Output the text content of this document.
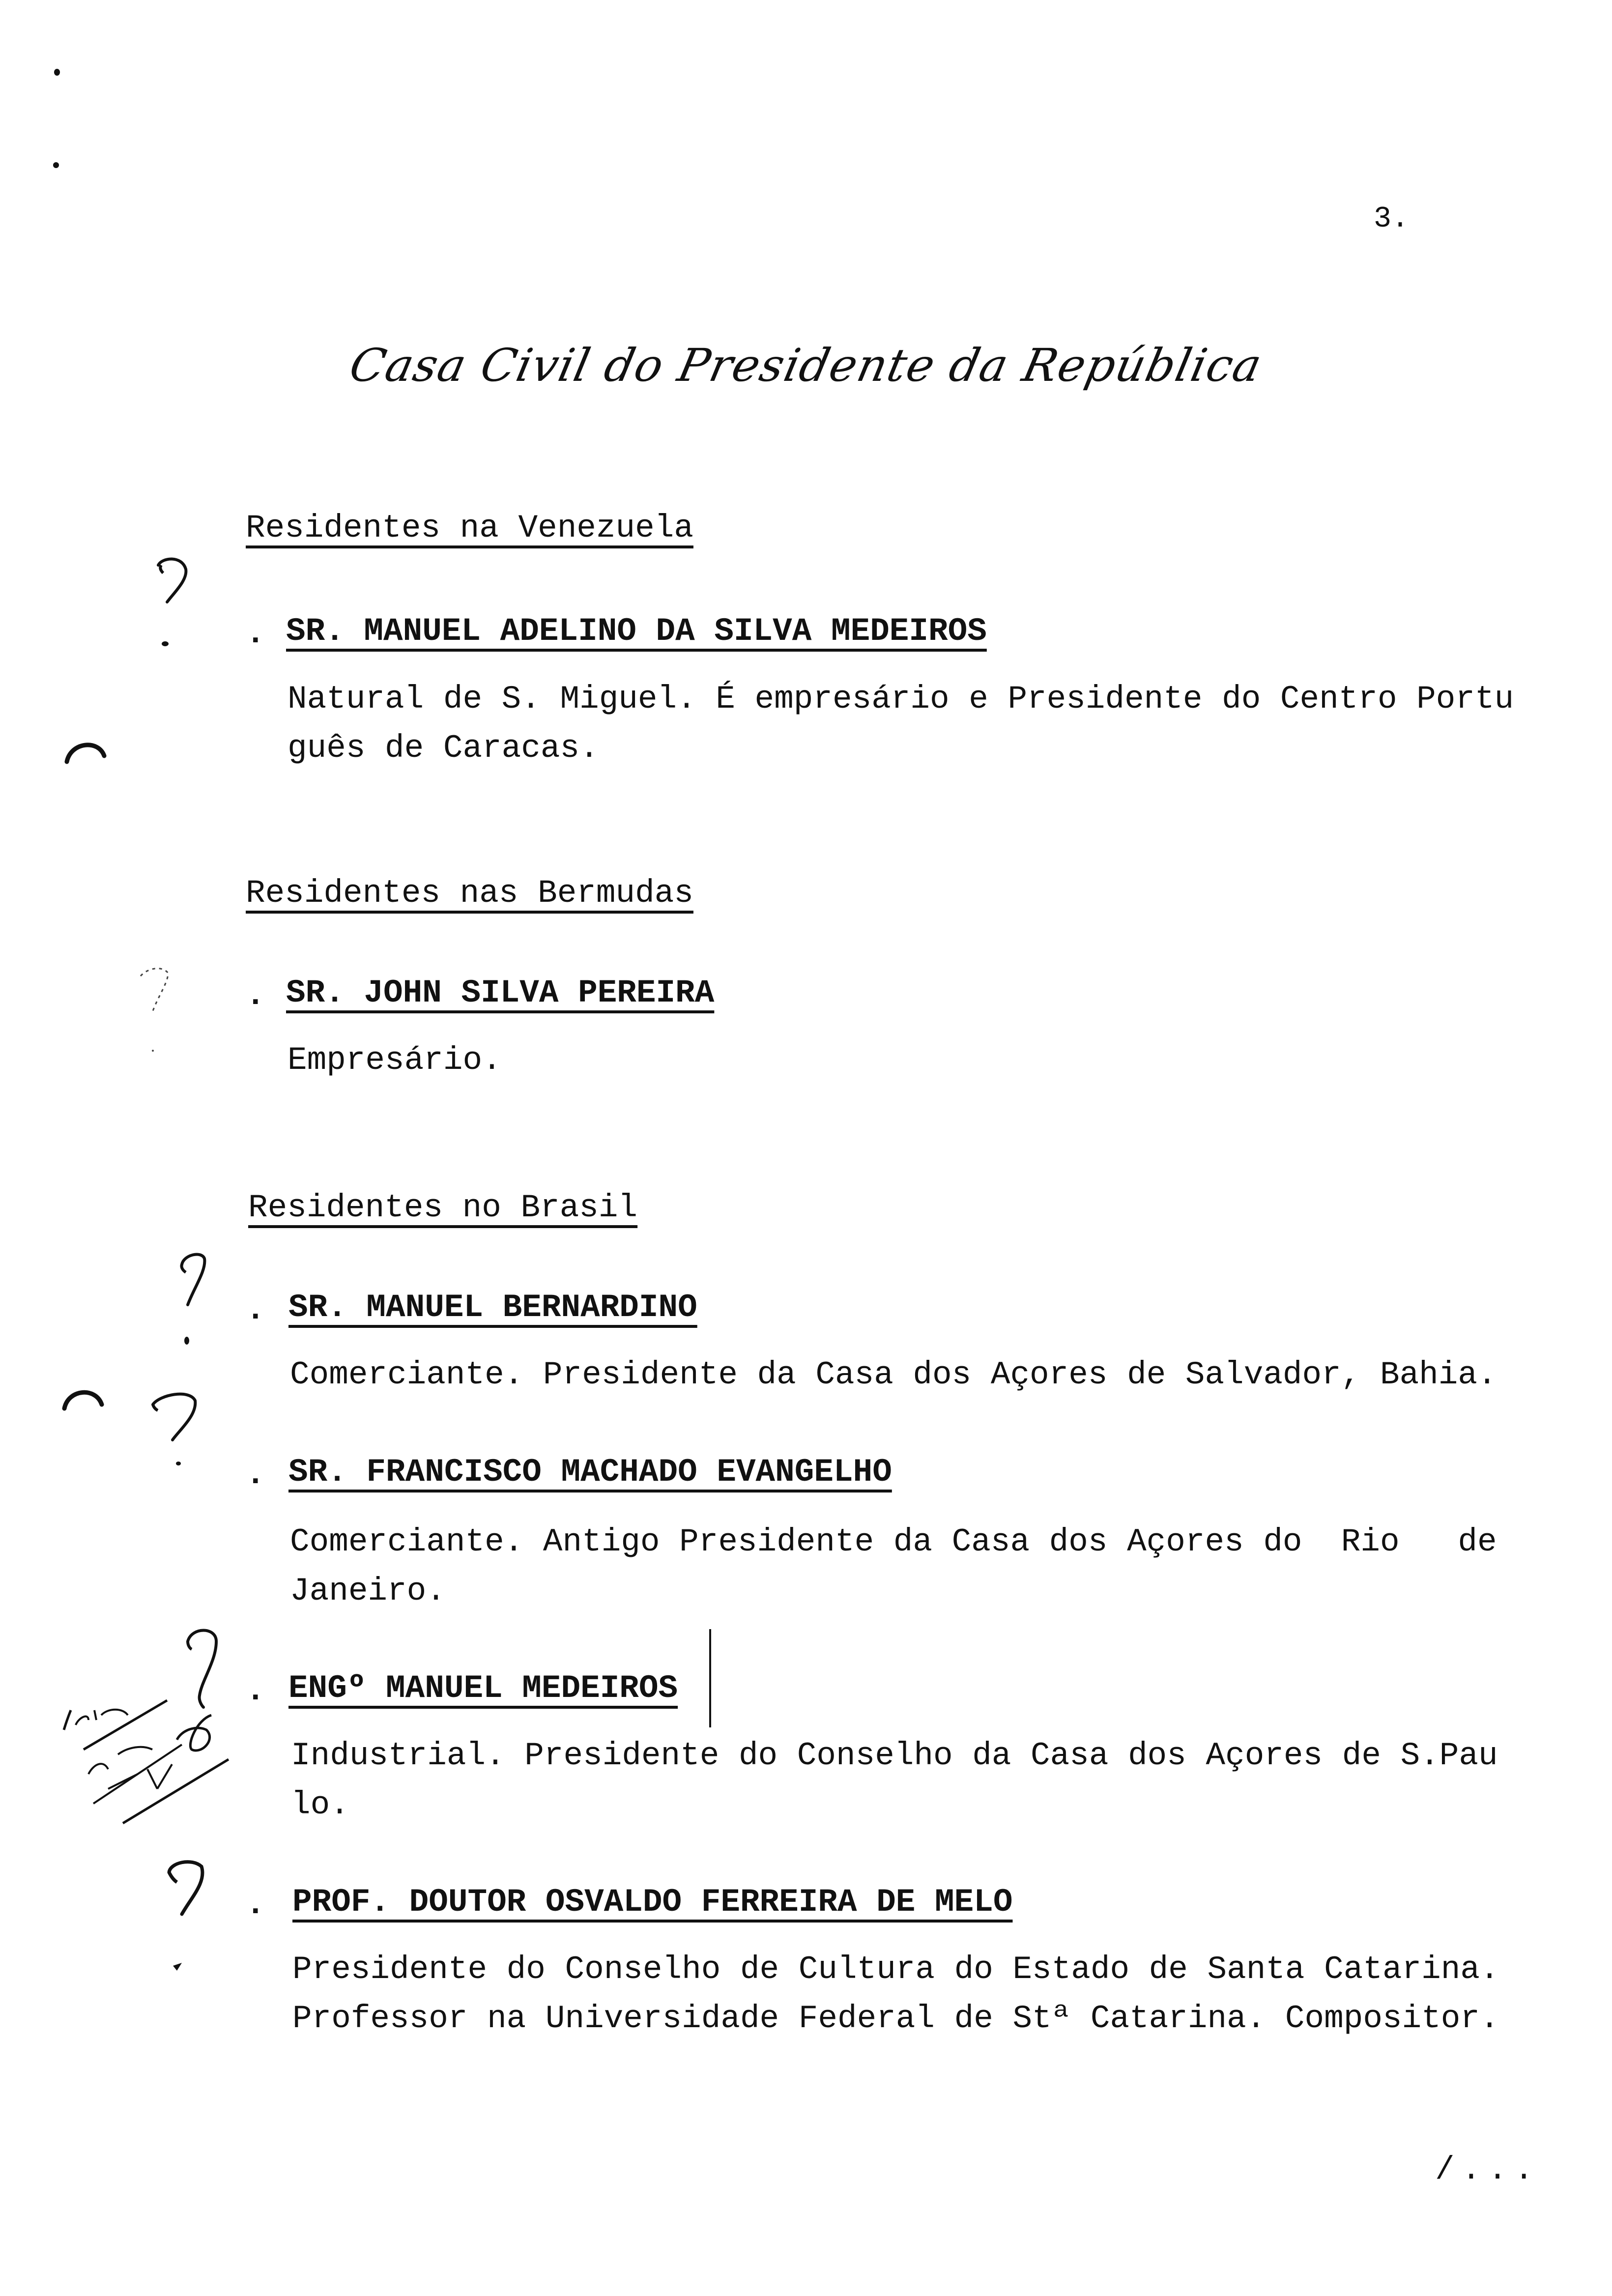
3.
Casa Civil do Presidente da República
Residentes na Venezuela
. SR. MANUEL ADELINO DA SILVA MEDEIROS
Natural de S. Miguel. É empresário e Presidente do Centro Portu
guês de Caracas.
Residentes nas Bermudas
. SR. JOHN SILVA PEREIRA
Empresário.
Residentes no Brasil
. SR. MANUEL BERNARDINO
Comerciante. Presidente da Casa dos Açores de Salvador, Bahia.
. SR. FRANCISCO MACHADO EVANGELHO
Comerciante. Antigo Presidente da Casa dos Açores do  Rio   de
Janeiro.
. ENGº MANUEL MEDEIROS
Industrial. Presidente do Conselho da Casa dos Açores de S.Pau
lo.
. PROF. DOUTOR OSVALDO FERREIRA DE MELO
Presidente do Conselho de Cultura do Estado de Santa Catarina.
Professor na Universidade Federal de Stª Catarina. Compositor.
/...
